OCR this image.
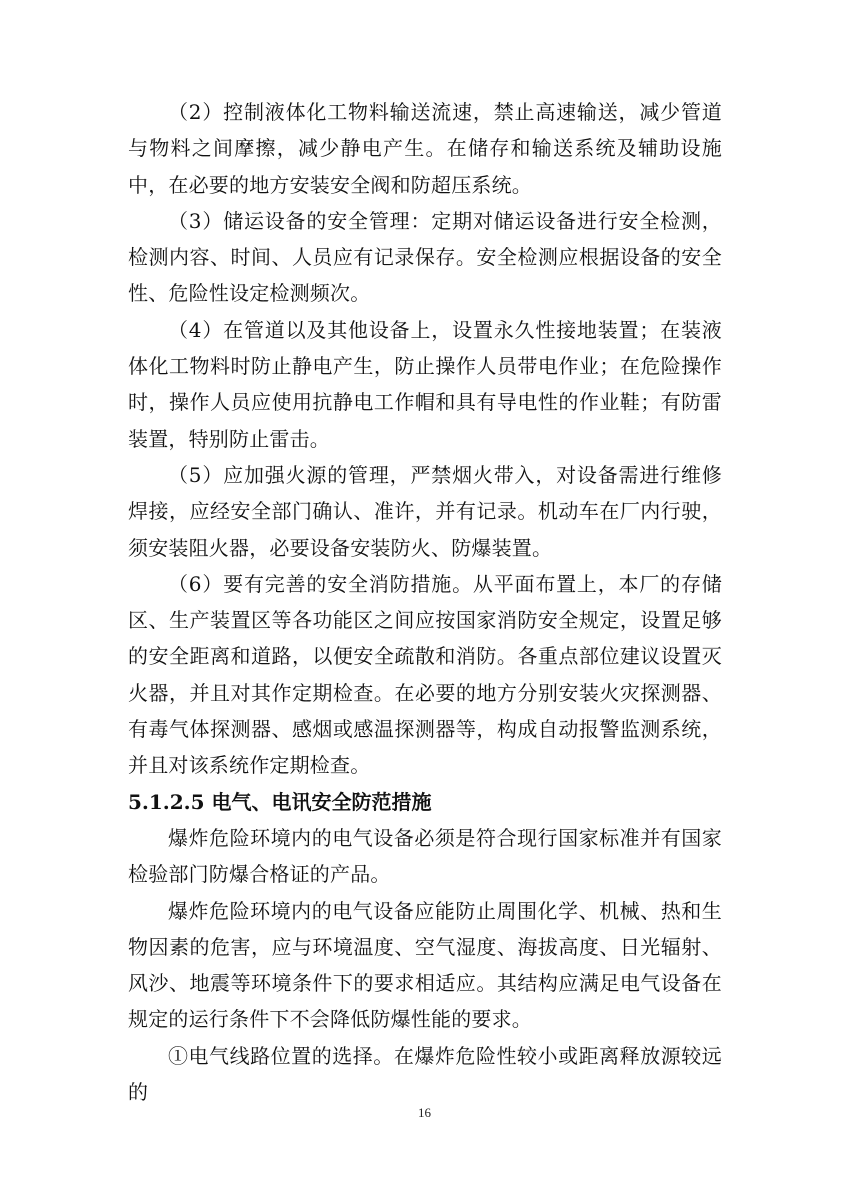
（2）控制液体化工物料输送流速，禁止高速输送，减少管道与物料之间摩擦，减少静电产生。在储存和输送系统及辅助设施中，在必要的地方安装安全阀和防超压系统。

（3）储运设备的安全管理：定期对储运设备进行安全检测，检测内容、时间、人员应有记录保存。安全检测应根据设备的安全性、危险性设定检测频次。

（4）在管道以及其他设备上，设置永久性接地装置；在装液体化工物料时防止静电产生，防止操作人员带电作业；在危险操作时，操作人员应使用抗静电工作帽和具有导电性的作业鞋；有防雷装置，特别防止雷击。

（5）应加强火源的管理，严禁烟火带入，对设备需进行维修焊接，应经安全部门确认、准许，并有记录。机动车在厂内行驶，须安装阻火器，必要设备安装防火、防爆装置。

（6）要有完善的安全消防措施。从平面布置上，本厂的存储区、生产装置区等各功能区之间应按国家消防安全规定，设置足够的安全距离和道路，以便安全疏散和消防。各重点部位建议设置灭火器，并且对其作定期检查。在必要的地方分别安装火灾探测器、有毒气体探测器、感烟或感温探测器等，构成自动报警监测系统，并且对该系统作定期检查。

5.1.2.5 电气、电讯安全防范措施

爆炸危险环境内的电气设备必须是符合现行国家标准并有国家检验部门防爆合格证的产品。

爆炸危险环境内的电气设备应能防止周围化学、机械、热和生物因素的危害，应与环境温度、空气湿度、海拔高度、日光辐射、风沙、地震等环境条件下的要求相适应。其结构应满足电气设备在规定的运行条件下不会降低防爆性能的要求。

①电气线路位置的选择。在爆炸危险性较小或距离释放源较远的

16
